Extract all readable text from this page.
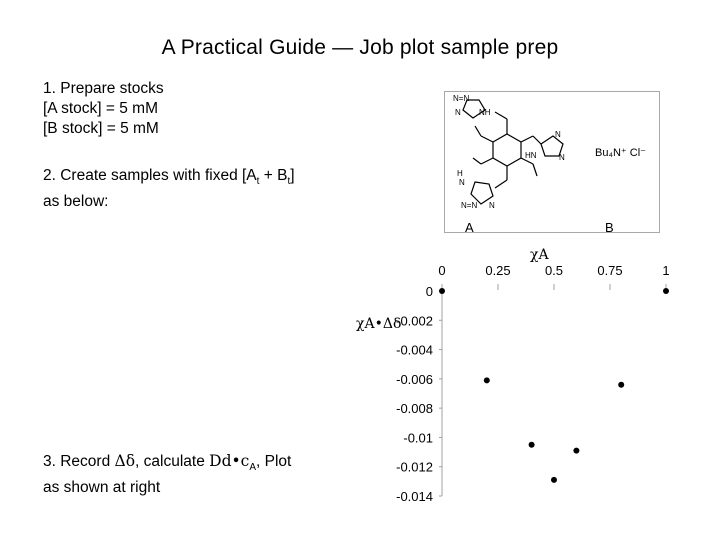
A Practical Guide — Job plot sample prep
1. Prepare stocks
[A stock] = 5 mM
[B stock] = 5 mM
2. Create samples with fixed $[A_t + B_t]$
as below:
3. Record Δδ, calculate $Dd•c_A$, Plot
as shown at right
N=N
NH
N
HN
N
N
H
N
N=N N
Bu₄N⁺ Cl⁻
A	B
χA
χA•Δδ
0	0.25	0.5	0.75	1
0
-0.002
-0.004
-0.006
-0.008
-0.01
-0.012
-0.014
